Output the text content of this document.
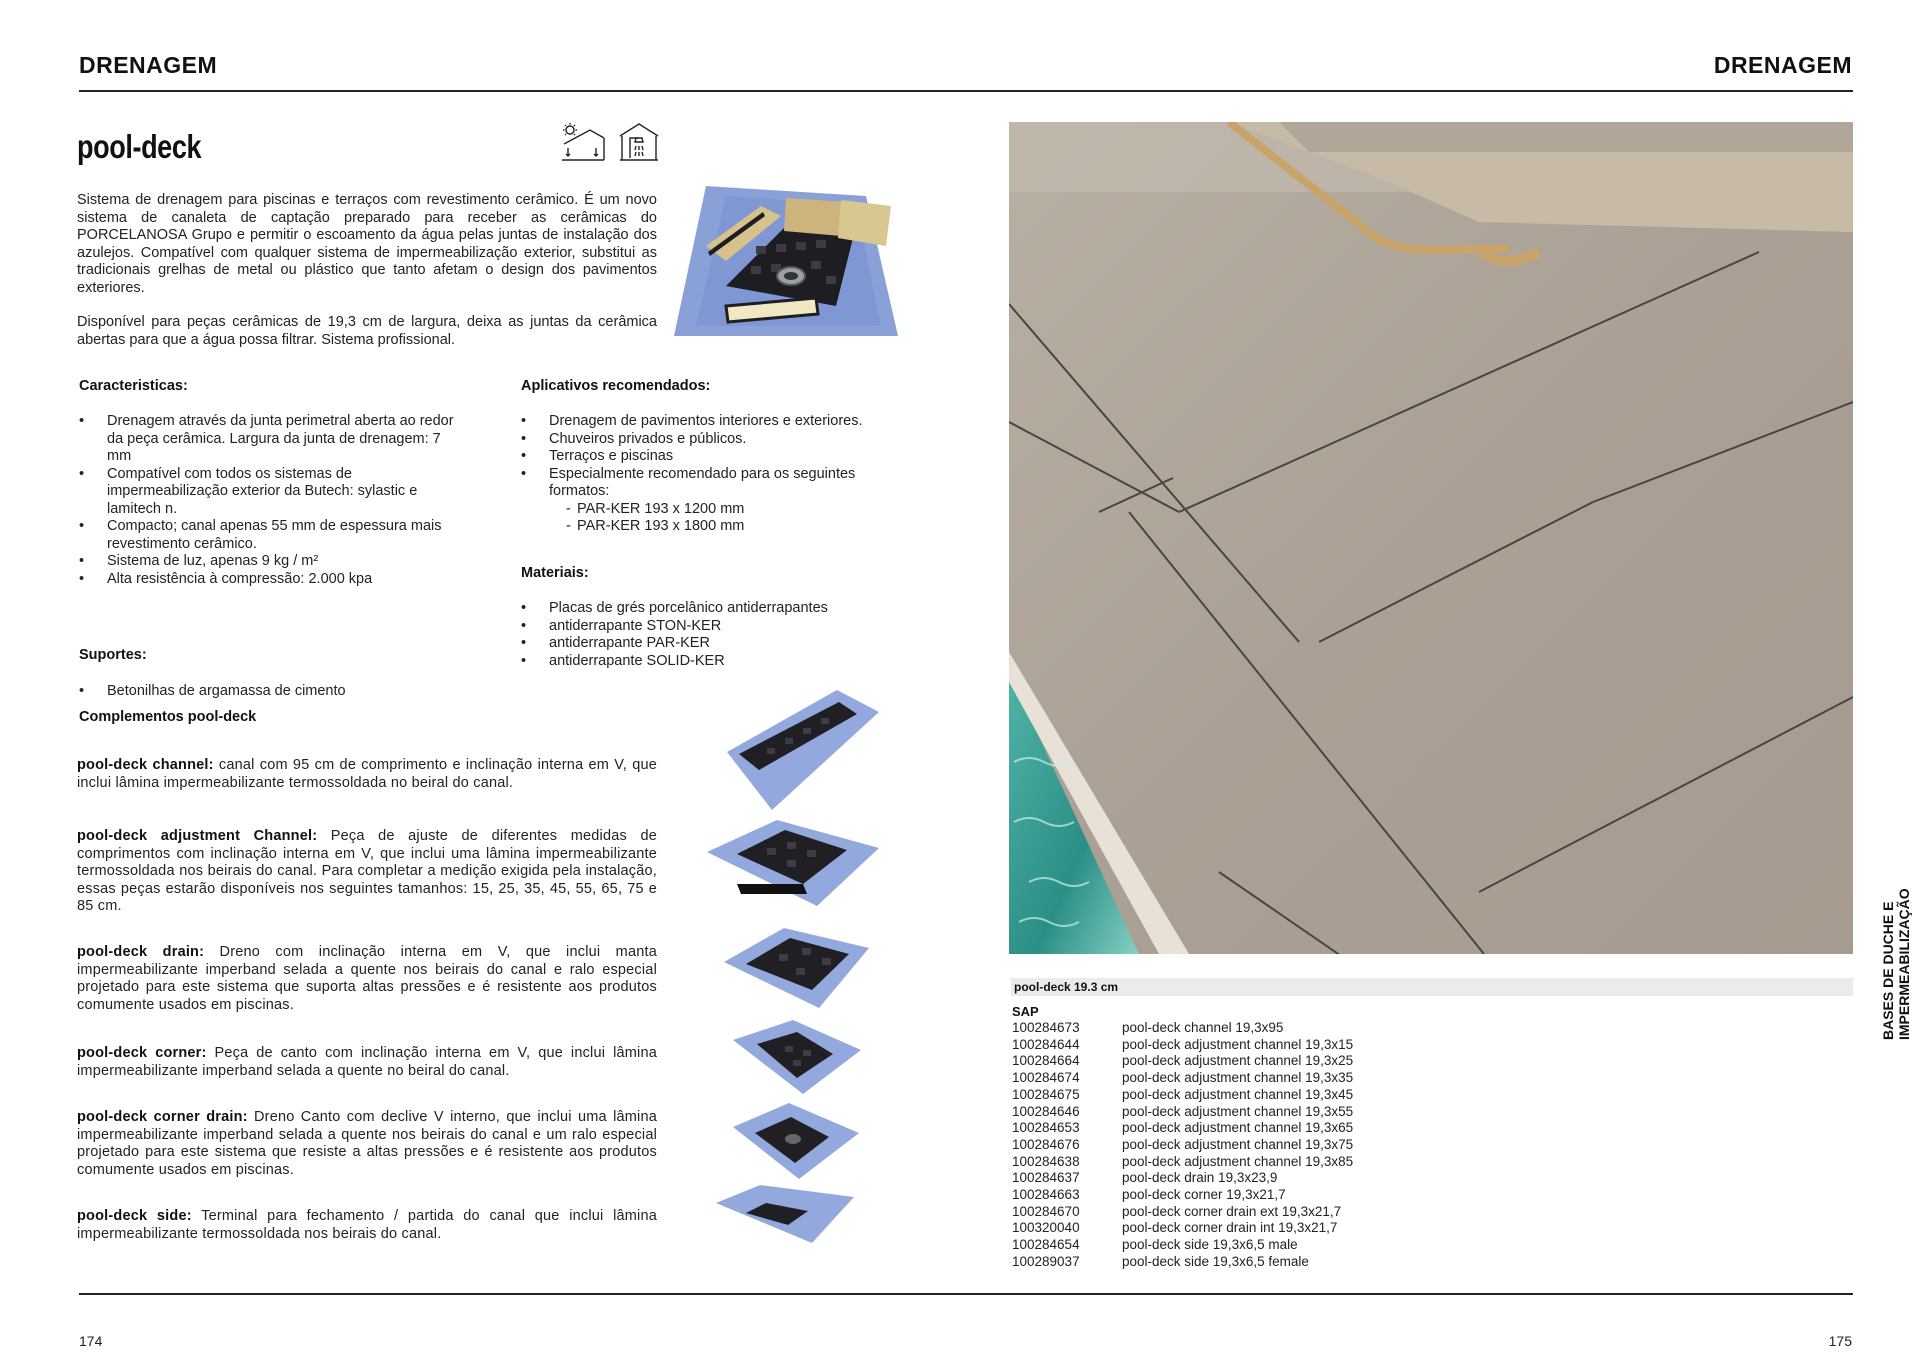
DRENAGEM	DRENAGEM
pool-deck

Sistema de drenagem para piscinas e terraços com revestimento cerâmico. É um novo sistema de canaleta de captação preparado para receber as cerâmicas do PORCELANOSA Grupo e permitir o escoamento da água pelas juntas de instalação dos azulejos. Compatível com qualquer sistema de impermeabilização exterior, substitui as tradicionais grelhas de metal ou plástico que tanto afetam o design dos pavimentos exteriores.

Disponível para peças cerâmicas de 19,3 cm de largura, deixa as juntas da cerâmica abertas para que a água possa filtrar. Sistema profissional.

Caracteristicas:
• Drenagem através da junta perimetral aberta ao redor da peça cerâmica. Largura da junta de drenagem: 7 mm
• Compatível com todos os sistemas de impermeabilização exterior da Butech: sylastic e lamitech n.
• Compacto; canal apenas 55 mm de espessura mais revestimento cerâmico.
• Sistema de luz, apenas 9 kg / m²
• Alta resistência à compressão: 2.000 kpa
Aplicativos recomendados:
• Drenagem de pavimentos interiores e exteriores.
• Chuveiros privados e públicos.
• Terraços e piscinas
• Especialmente recomendado para os seguintes formatos:
- PAR-KER 193 x 1200 mm
- PAR-KER 193 x 1800 mm
Materiais:
• Placas de grés porcelânico antiderrapantes
• antiderrapante STON-KER
• antiderrapante PAR-KER
• antiderrapante SOLID-KER
Suportes:
• Betonilhas de argamassa de cimento
Complementos pool-deck

pool-deck channel: canal com 95 cm de comprimento e inclinação interna em V, que inclui lâmina impermeabilizante termossoldada no beiral do canal.

pool-deck adjustment Channel: Peça de ajuste de diferentes medidas de comprimentos com inclinação interna em V, que inclui uma lâmina impermeabilizante termossoldada nos beirais do canal. Para completar a medição exigida pela instalação, essas peças estarão disponíveis nos seguintes tamanhos: 15, 25, 35, 45, 55, 65, 75 e 85 cm.

pool-deck drain: Dreno com inclinação interna em V, que inclui manta impermeabilizante imperband selada a quente nos beirais do canal e ralo especial projetado para este sistema que suporta altas pressões e é resistente aos produtos comumente usados em piscinas.

pool-deck corner: Peça de canto com inclinação interna em V, que inclui lâmina impermeabilizante imperband selada a quente no beiral do canal.

pool-deck corner drain: Dreno Canto com declive V interno, que inclui uma lâmina impermeabilizante imperband selada a quente nos beirais do canal e um ralo especial projetado para este sistema que resiste a altas pressões e é resistente aos produtos comumente usados em piscinas.

pool-deck side: Terminal para fechamento / partida do canal que inclui lâmina impermeabilizante termossoldada nos beirais do canal.

pool-deck 19.3 cm
SAP
100284673	pool-deck channel 19,3x95
100284644	pool-deck adjustment channel 19,3x15
100284664	pool-deck adjustment channel 19,3x25
100284674	pool-deck adjustment channel 19,3x35
100284675	pool-deck adjustment channel 19,3x45
100284646	pool-deck adjustment channel 19,3x55
100284653	pool-deck adjustment channel 19,3x65
100284676	pool-deck adjustment channel 19,3x75
100284638	pool-deck adjustment channel 19,3x85
100284637	pool-deck drain 19,3x23,9
100284663	pool-deck corner 19,3x21,7
100284670	pool-deck corner drain ext 19,3x21,7
100320040	pool-deck corner drain int 19,3x21,7
100284654	pool-deck side 19,3x6,5 male
100289037	pool-deck side 19,3x6,5 female
BASES DE DUCHE E IMPERMEABILIZAÇÃO
174	175
